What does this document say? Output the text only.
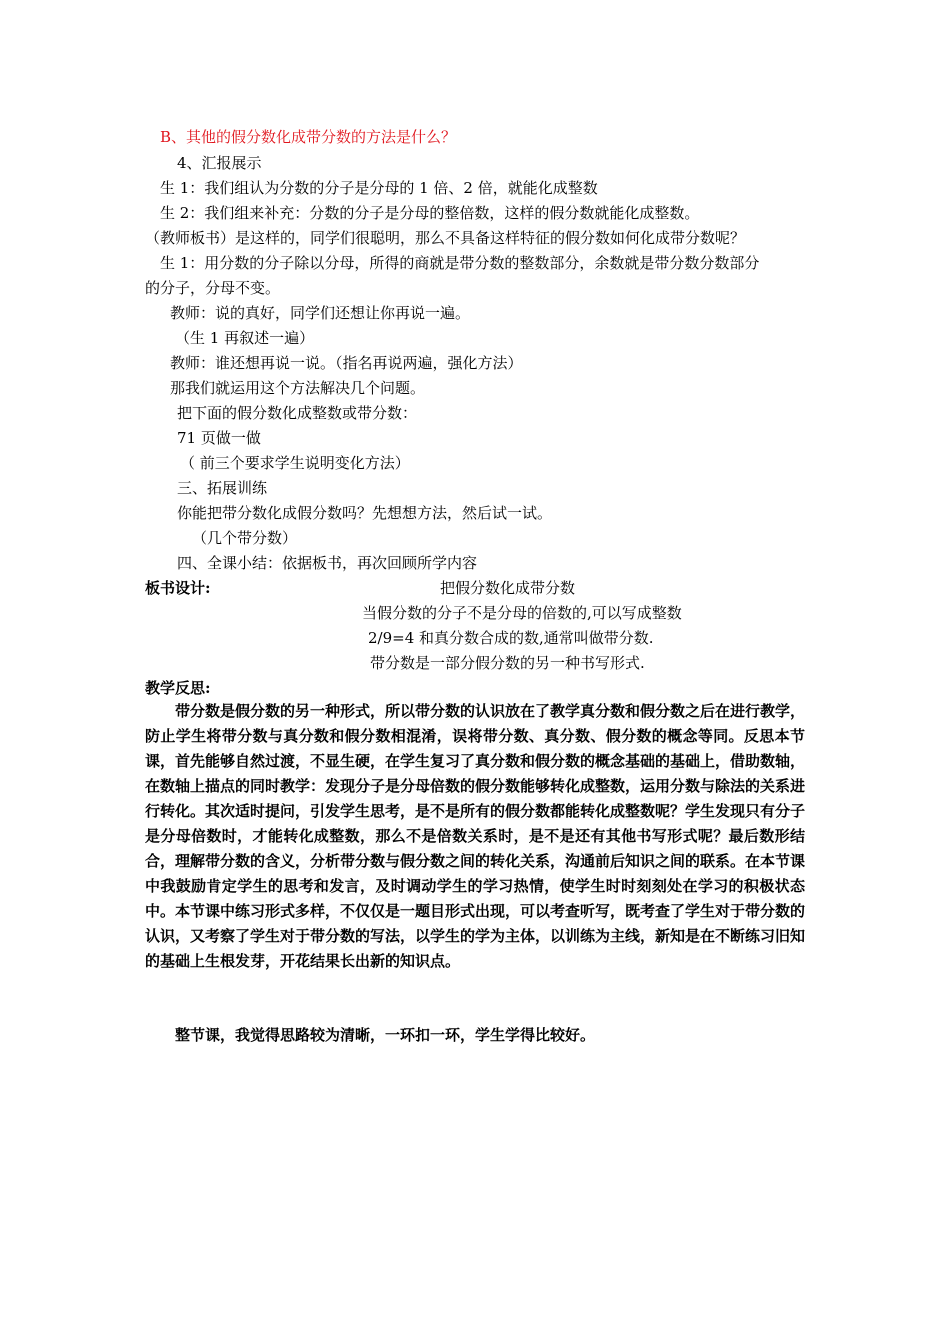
B、其他的假分数化成带分数的方法是什么？
4、汇报展示
生 1：我们组认为分数的分子是分母的 1 倍、2 倍，就能化成整数
生 2：我们组来补充：分数的分子是分母的整倍数，这样的假分数就能化成整数。
（教师板书）是这样的，同学们很聪明，那么不具备这样特征的假分数如何化成带分数呢？
生 1：用分数的分子除以分母，所得的商就是带分数的整数部分，余数就是带分数分数部分
的分子，分母不变。
教师：说的真好，同学们还想让你再说一遍。
（生 1 再叙述一遍）
教师：谁还想再说一说。（指名再说两遍，强化方法）
那我们就运用这个方法解决几个问题。
把下面的假分数化成整数或带分数：
71 页做一做
（ 前三个要求学生说明变化方法）
三、拓展训练
你能把带分数化成假分数吗？先想想方法，然后试一试。
（几个带分数）
四、全课小结：依据板书，再次回顾所学内容
板书设计:	把假分数化成带分数
当假分数的分子不是分母的倍数的,可以写成整数
2/9=4 和真分数合成的数,通常叫做带分数.
带分数是一部分假分数的另一种书写形式.
教学反思:

带分数是假分数的另一种形式，所以带分数的认识放在了教学真分数和假分数之后在进行教学，防止学生将带分数与真分数和假分数相混淆，误将带分数、真分数、假分数的概念等同。反思本节课，首先能够自然过渡，不显生硬，在学生复习了真分数和假分数的概念基础的基础上，借助数轴，在数轴上描点的同时教学：发现分子是分母倍数的假分数能够转化成整数，运用分数与除法的关系进行转化。其次适时提问，引发学生思考，是不是所有的假分数都能转化成整数呢？学生发现只有分子是分母倍数时，才能转化成整数，那么不是倍数关系时，是不是还有其他书写形式呢？最后数形结合，理解带分数的含义，分析带分数与假分数之间的转化关系，沟通前后知识之间的联系。在本节课中我鼓励肯定学生的思考和发言，及时调动学生的学习热情，使学生时时刻刻处在学习的积极状态中。本节课中练习形式多样，不仅仅是一题目形式出现，可以考查听写，既考查了学生对于带分数的认识，又考察了学生对于带分数的写法，以学生的学为主体，以训练为主线，新知是在不断练习旧知的基础上生根发芽，开花结果长出新的知识点。

整节课，我觉得思路较为清晰，一环扣一环，学生学得比较好。
